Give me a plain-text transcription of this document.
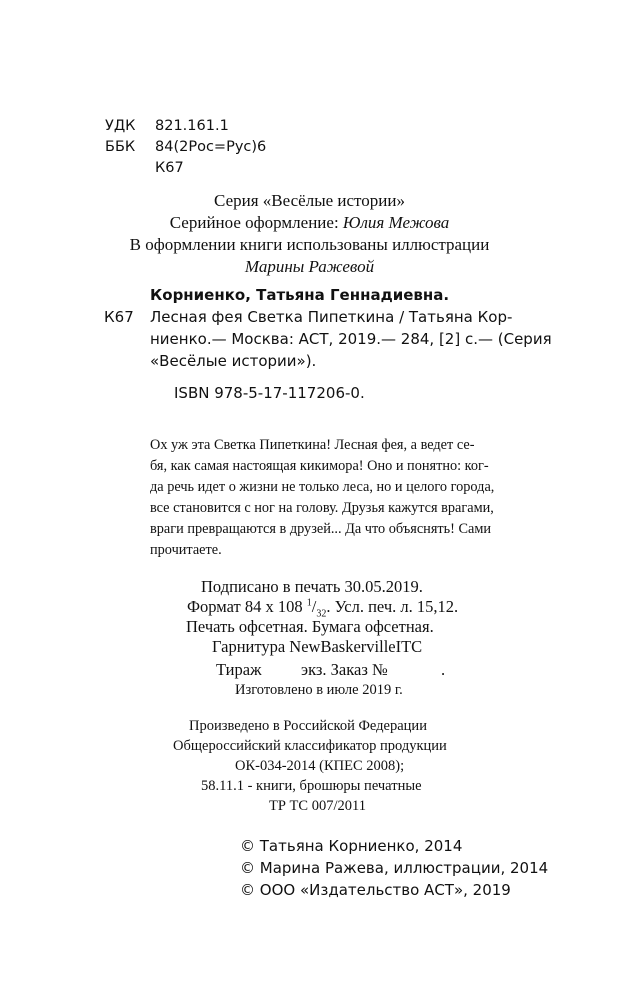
УДК 821.161.1
ББК 84(2Рос=Рус)6
К67
Серия «Весёлые истории»
Серийное оформление: Юлия Межова
В оформлении книги использованы иллюстрации
Марины Ражевой
Корниенко, Татьяна Геннадиевна.
К67 Лесная фея Светка Пипеткина / Татьяна Кор-
ниенко.— Москва: АСТ, 2019.— 284, [2] с.— (Серия
«Весёлые истории»).
ISBN 978-5-17-117206-0.
Ох уж эта Светка Пипеткина! Лесная фея, а ведет се-
бя, как самая настоящая кикимора! Оно и понятно: ког-
да речь идет о жизни не только леса, но и целого города,
все становится с ног на голову. Друзья кажутся врагами,
враги превращаются в друзей... Да что объяснять! Сами
прочитаете.
Подписано в печать 30.05.2019.
Формат 84 x 108 $^1/_{32}$. Усл. печ. л. 15,12.
Печать офсетная. Бумага офсетная.
Гарнитура NewBaskervilleITC
Тираж экз. Заказ №	.
Изготовлено в июле 2019 г.
Произведено в Российской Федерации
Общероссийский классификатор продукции
ОК-034-2014 (КПЕС 2008);
58.11.1 - книги, брошюры печатные
ТР ТС 007/2011
© Татьяна Корниенко, 2014
© Марина Ражева, иллюстрации, 2014
© ООО «Издательство АСТ», 2019
